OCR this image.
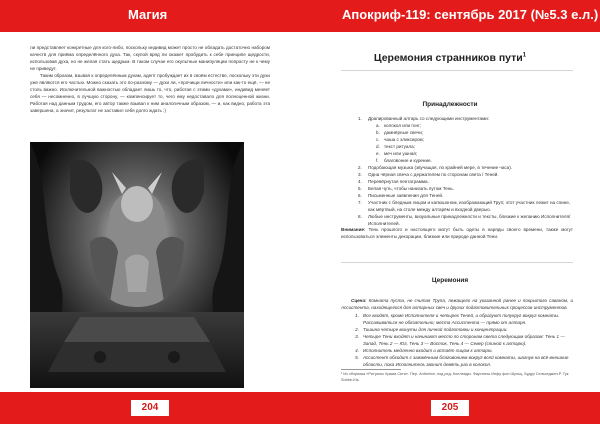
Магия

ли представляет конкретные для кого-либо, поскольку индивид может просто не обладать достаточно набором качеств для приёма определённого духа. Так, скупой вряд ли окажет пробудить к себе принципе щедрости, использовав духа, но не желая стать щедрым. В таком случае его окультные манипуляции попросту не к чему не приведут.

Таким образом, взывая к определённым духам, адепт пробуждает их в своём естестве, поскольку эти духи уже являются его частью. Можно сказать это по-разному — духи ли, «прочищи личности» или как-то ещё, — не столь важно. Исключительной важностью обладает лишь то, что, работая с этими «духами», индивид меняет себя — несомненно, в лучшую сторону, — компенсирует то, чего ему недоставало для полноценной жизни. Работая над данным трудом, его автор также взывал к ним аналогичным образом, — и, как видно, работа эта завершена, а значит, результат не заставил себя долго ждать :)

204
Апокриф-119: сентябрь 2017 (№5.3 е.л.)
Церемония странников пути$^1$
Принадлежности
1.	Драпированный алтарь со следующими инструментами:
a. колокол или гонг;
b. дамнёрные свечи;
c. чаша с эликсиром;
d. текст ритуала;
e. меч или ушная;
f.	благовоние и курение.
2.	Подобающая музыка (звучащая, по крайней мере, в течение часа).
3.	Одна чёрная свеча с держателем по сторонам света / Теней.
4.	Перевёрнутая пентаграмма.
5.	Белая чуть, чтобы нанизать путом Тень.
6.	Письменные заявления для Теней.
7.	Участник с бледным лицом и капюшоном, изображающий Труп; этот участник лежит на спине, как мёртвый, на столе между алтарём и входной дверью.
8.	Любые инструменты, визуальные принадлежности и тексты, близкие к желанию Исполнителя/Исполнителей.

Внимание: Тень прошлого и настоящего могут быть одеты в наряды своего времени, также могут использоваться элементы декорации, близкие или природе данной Тени.

Церемония

Сцена: Комната пуста, не считая Трупа, лежащего на указанной ранее и покрытого саваном, и Ассистента, находящегося для алтарных свеч и других подготовительных процессов инструментов.

1. Все входят, кроме Исполнителя и четырех Теней, и образуют полукруг вокруг комнаты. Рассаживаться не обязательно; места Ассистента — прямо от алтаря.
2. Тишина четыре минуты для личной подготовки и концентрации.
3. Четыре Тени входят и начинают место по сторонам света следующим образом: Тень 1 — Запад, Тень 2 — Юг, Тень 3 — Восток, Тень 4 — Север (спиной к алтарю).
4. Исполнитель медленно входит и встаёт лицом к алтарю.
5. Ассистент обходит с зажжённым благовонием вокруг всей комнаты, шагнув на всё внешние области, пока Исполнитель звонит девять раз в колокол.
¹ Из сборника «Ритуалы Храма Сета». Пер. Anthelion, под ред. Коллеады. Фаустины Инфу фон Шульц, Будур Сельседжен-Р. Тук Sobbe-Kis.
205
